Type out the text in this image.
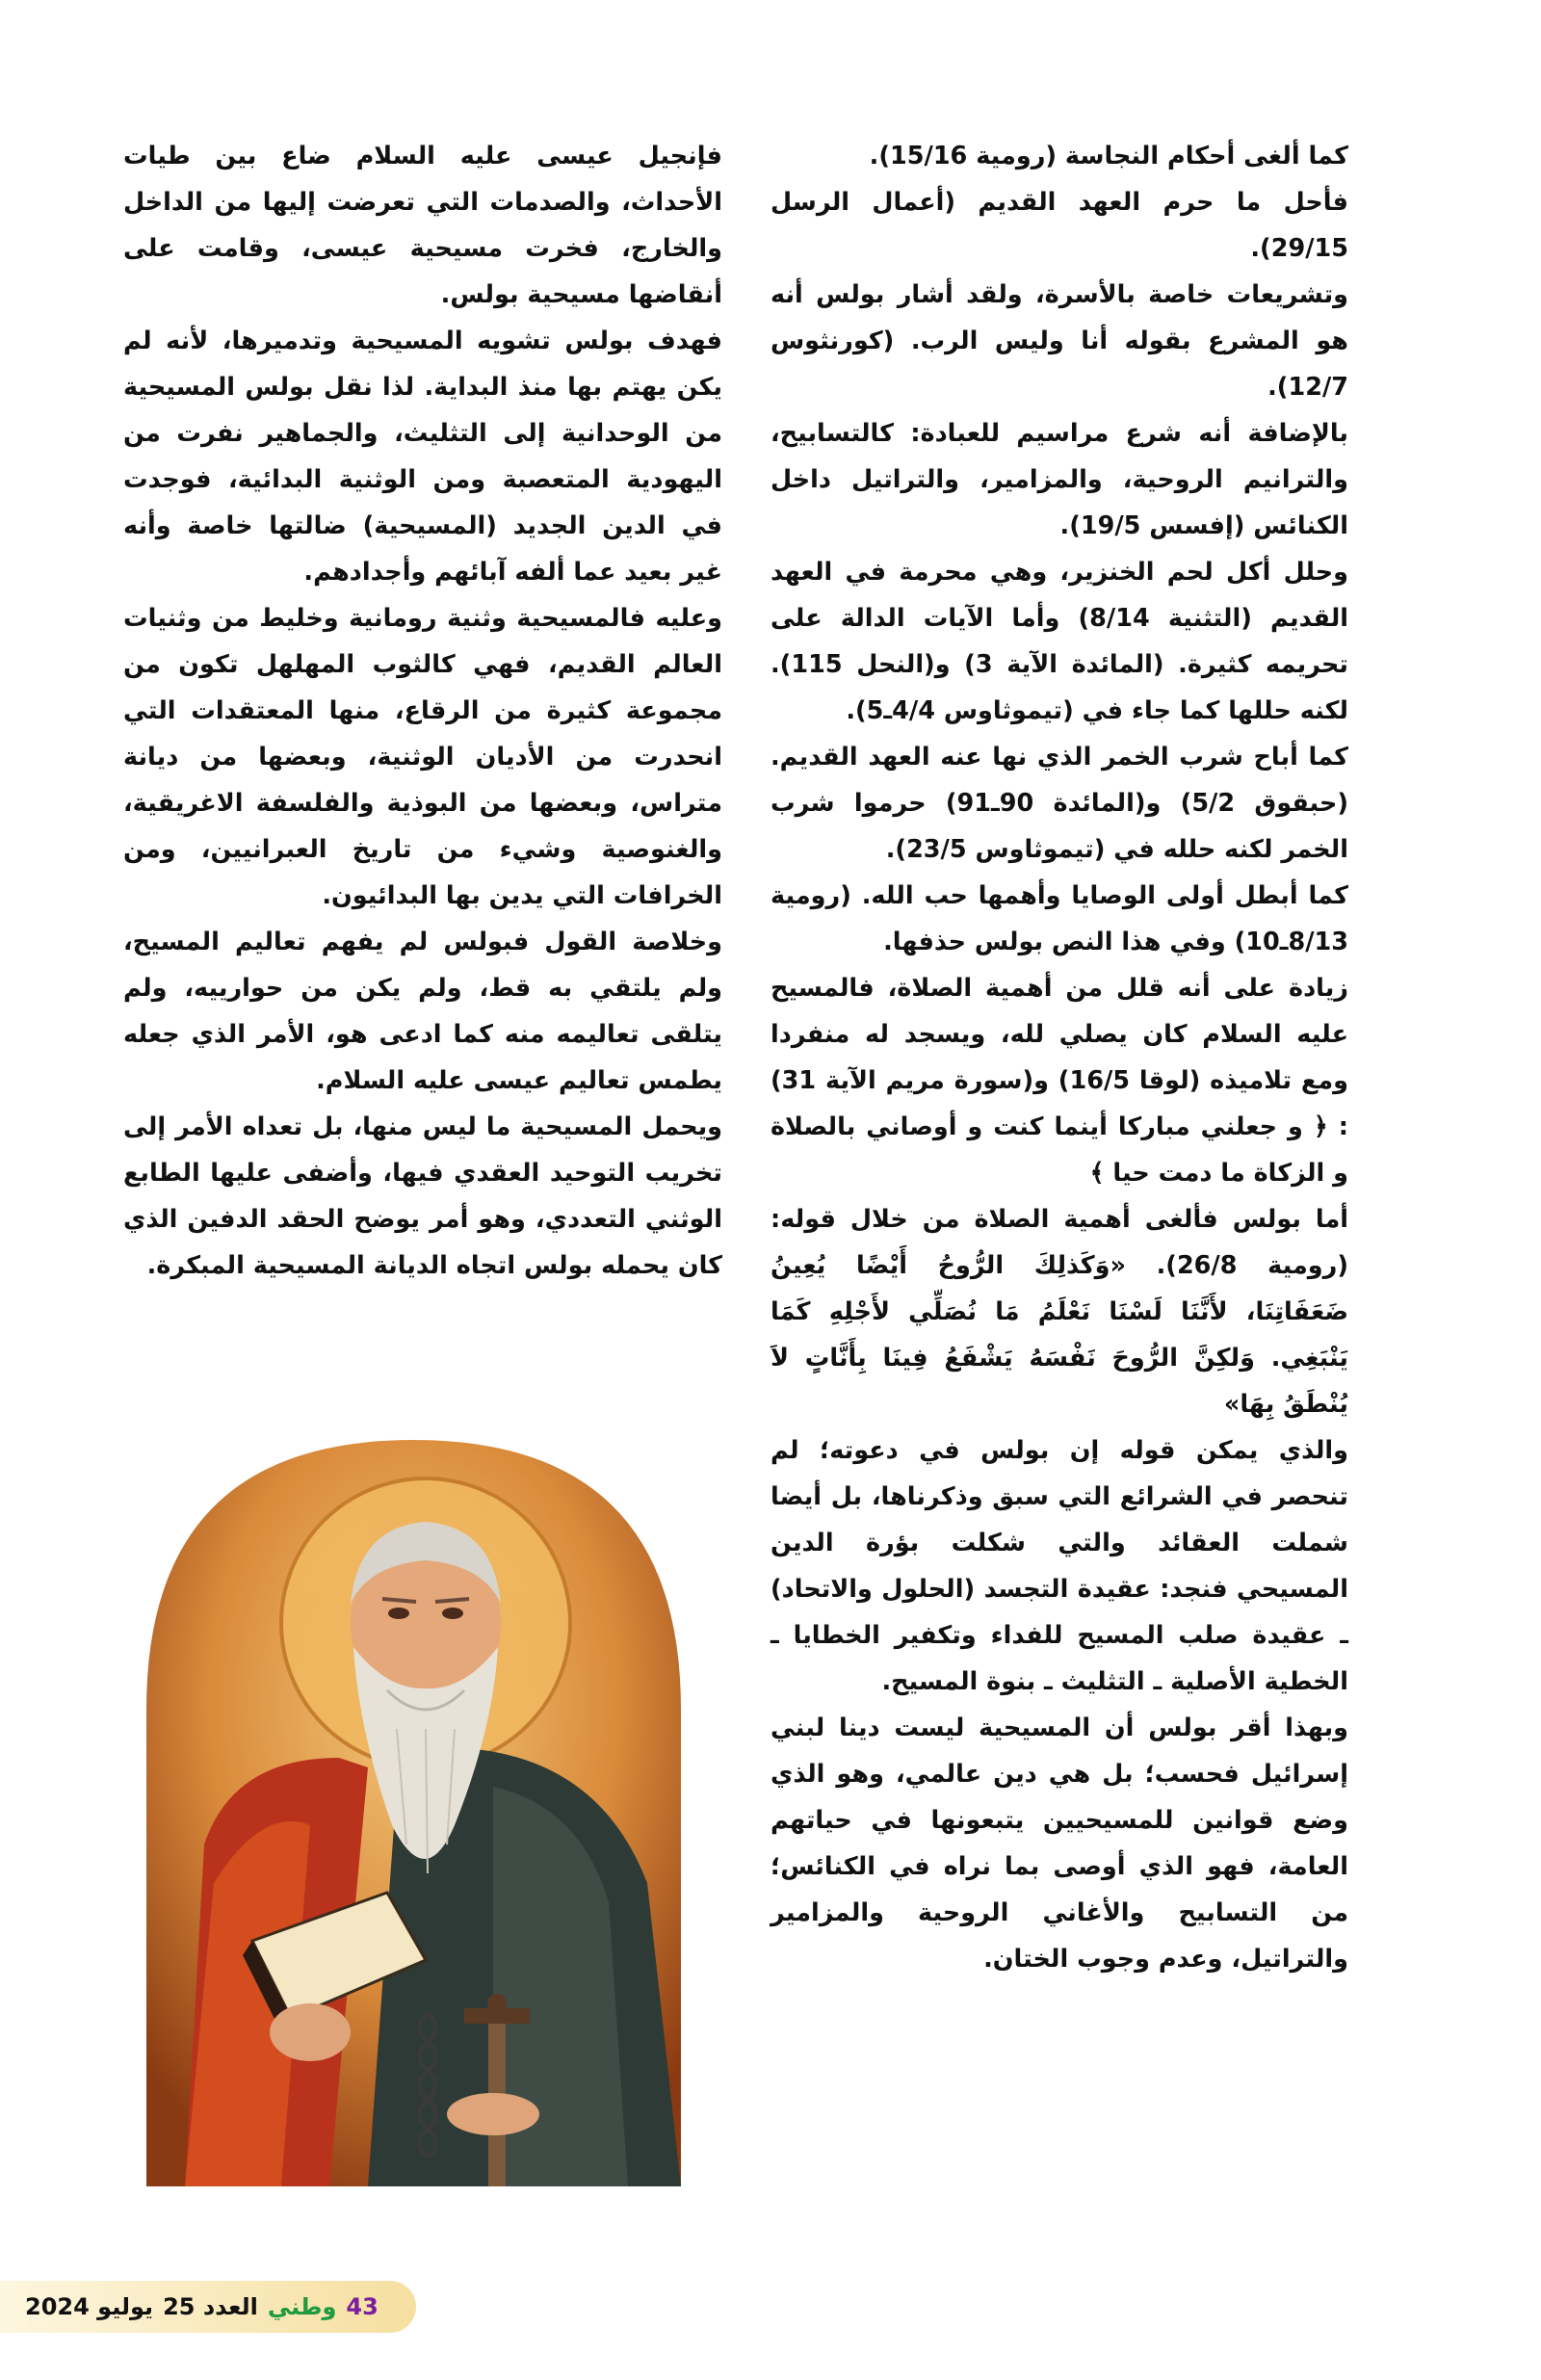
كما ألغى أحكام النجاسة (رومية 15/16).

فأحل ما حرم العهد القديم (أعمال الرسل 29/15).

وتشريعات خاصة بالأسرة، ولقد أشار بولس أنه هو المشرع بقوله أنا وليس الرب. (كورنثوس 12/7).

بالإضافة أنه شرع مراسيم للعبادة: كالتسابيح، والترانيم الروحية، والمزامير، والتراتيل داخل الكنائس (إفسس 19/5).

وحلل أكل لحم الخنزير، وهي محرمة في العهد القديم (التثنية 8/14) وأما الآيات الدالة على تحريمه كثيرة. (المائدة الآية 3) و(النحل 115). لكنه حللها كما جاء في (تيموثاوس 4/4ـ5).

كما أباح شرب الخمر الذي نها عنه العهد القديم. (حبقوق 5/2) و(المائدة 90ـ91) حرموا شرب الخمر لكنه حلله في (تيموثاوس 23/5).

كما أبطل أولى الوصايا وأهمها حب الله. (رومية 8/13ـ10) وفي هذا النص بولس حذفها.

زيادة على أنه قلل من أهمية الصلاة، فالمسيح عليه السلام كان يصلي لله، ويسجد له منفردا ومع تلاميذه (لوقا 16/5) و(سورة مريم الآية 31) : ﴿ و جعلني مباركا أينما كنت و أوصاني بالصلاة و الزكاة ما دمت حيا ﴾

أما بولس فألغى أهمية الصلاة من خلال قوله: (رومية 26/8). «وَكَذلِكَ الرُّوحُ أَيْضًا يُعِينُ ضَعَفَاتِنَا، لأَنَّنَا لَسْنَا نَعْلَمُ مَا نُصَلِّي لأَجْلِهِ كَمَا يَنْبَغِي. وَلكِنَّ الرُّوحَ نَفْسَهُ يَشْفَعُ فِينَا بِأَنَّاتٍ لاَ يُنْطَقُ بِهَا»

والذي يمكن قوله إن بولس في دعوته؛ لم تنحصر في الشرائع التي سبق وذكرناها، بل أيضا شملت العقائد والتي شكلت بؤرة الدين المسيحي فنجد: عقيدة التجسد (الحلول والاتحاد) ـ عقيدة صلب المسيح للفداء وتكفير الخطايا ـ الخطية الأصلية ـ التثليث ـ بنوة المسيح.

وبهذا أقر بولس أن المسيحية ليست دينا لبني إسرائيل فحسب؛ بل هي دين عالمي، وهو الذي وضع قوانين للمسيحيين يتبعونها في حياتهم العامة، فهو الذي أوصى بما نراه في الكنائس؛ من التسابيح والأغاني الروحية والمزامير والتراتيل، وعدم وجوب الختان.

فإنجيل عيسى عليه السلام ضاع بين طيات الأحداث، والصدمات التي تعرضت إليها من الداخل والخارج، فخرت مسيحية عيسى، وقامت على أنقاضها مسيحية بولس.

فهدف بولس تشويه المسيحية وتدميرها، لأنه لم يكن يهتم بها منذ البداية. لذا نقل بولس المسيحية من الوحدانية إلى التثليث، والجماهير نفرت من اليهودية المتعصبة ومن الوثنية البدائية، فوجدت في الدين الجديد (المسيحية) ضالتها خاصة وأنه غير بعيد عما ألفه آبائهم وأجدادهم.

وعليه فالمسيحية وثنية رومانية وخليط من وثنيات العالم القديم، فهي كالثوب المهلهل تكون من مجموعة كثيرة من الرقاع، منها المعتقدات التي انحدرت من الأديان الوثنية، وبعضها من ديانة متراس، وبعضها من البوذية والفلسفة الاغريقية، والغنوصية وشيء من تاريخ العبرانيين، ومن الخرافات التي يدين بها البدائيون.

وخلاصة القول فبولس لم يفهم تعاليم المسيح، ولم يلتقي به قط، ولم يكن من حوارييه، ولم يتلقى تعاليمه منه كما ادعى هو، الأمر الذي جعله يطمس تعاليم عيسى عليه السلام.

ويحمل المسيحية ما ليس منها، بل تعداه الأمر إلى تخريب التوحيد العقدي فيها، وأضفى عليها الطابع الوثني التعددي، وهو أمر يوضح الحقد الدفين الذي كان يحمله بولس اتجاه الديانة المسيحية المبكرة.

43
وطني
العدد 25
يوليو 2024
